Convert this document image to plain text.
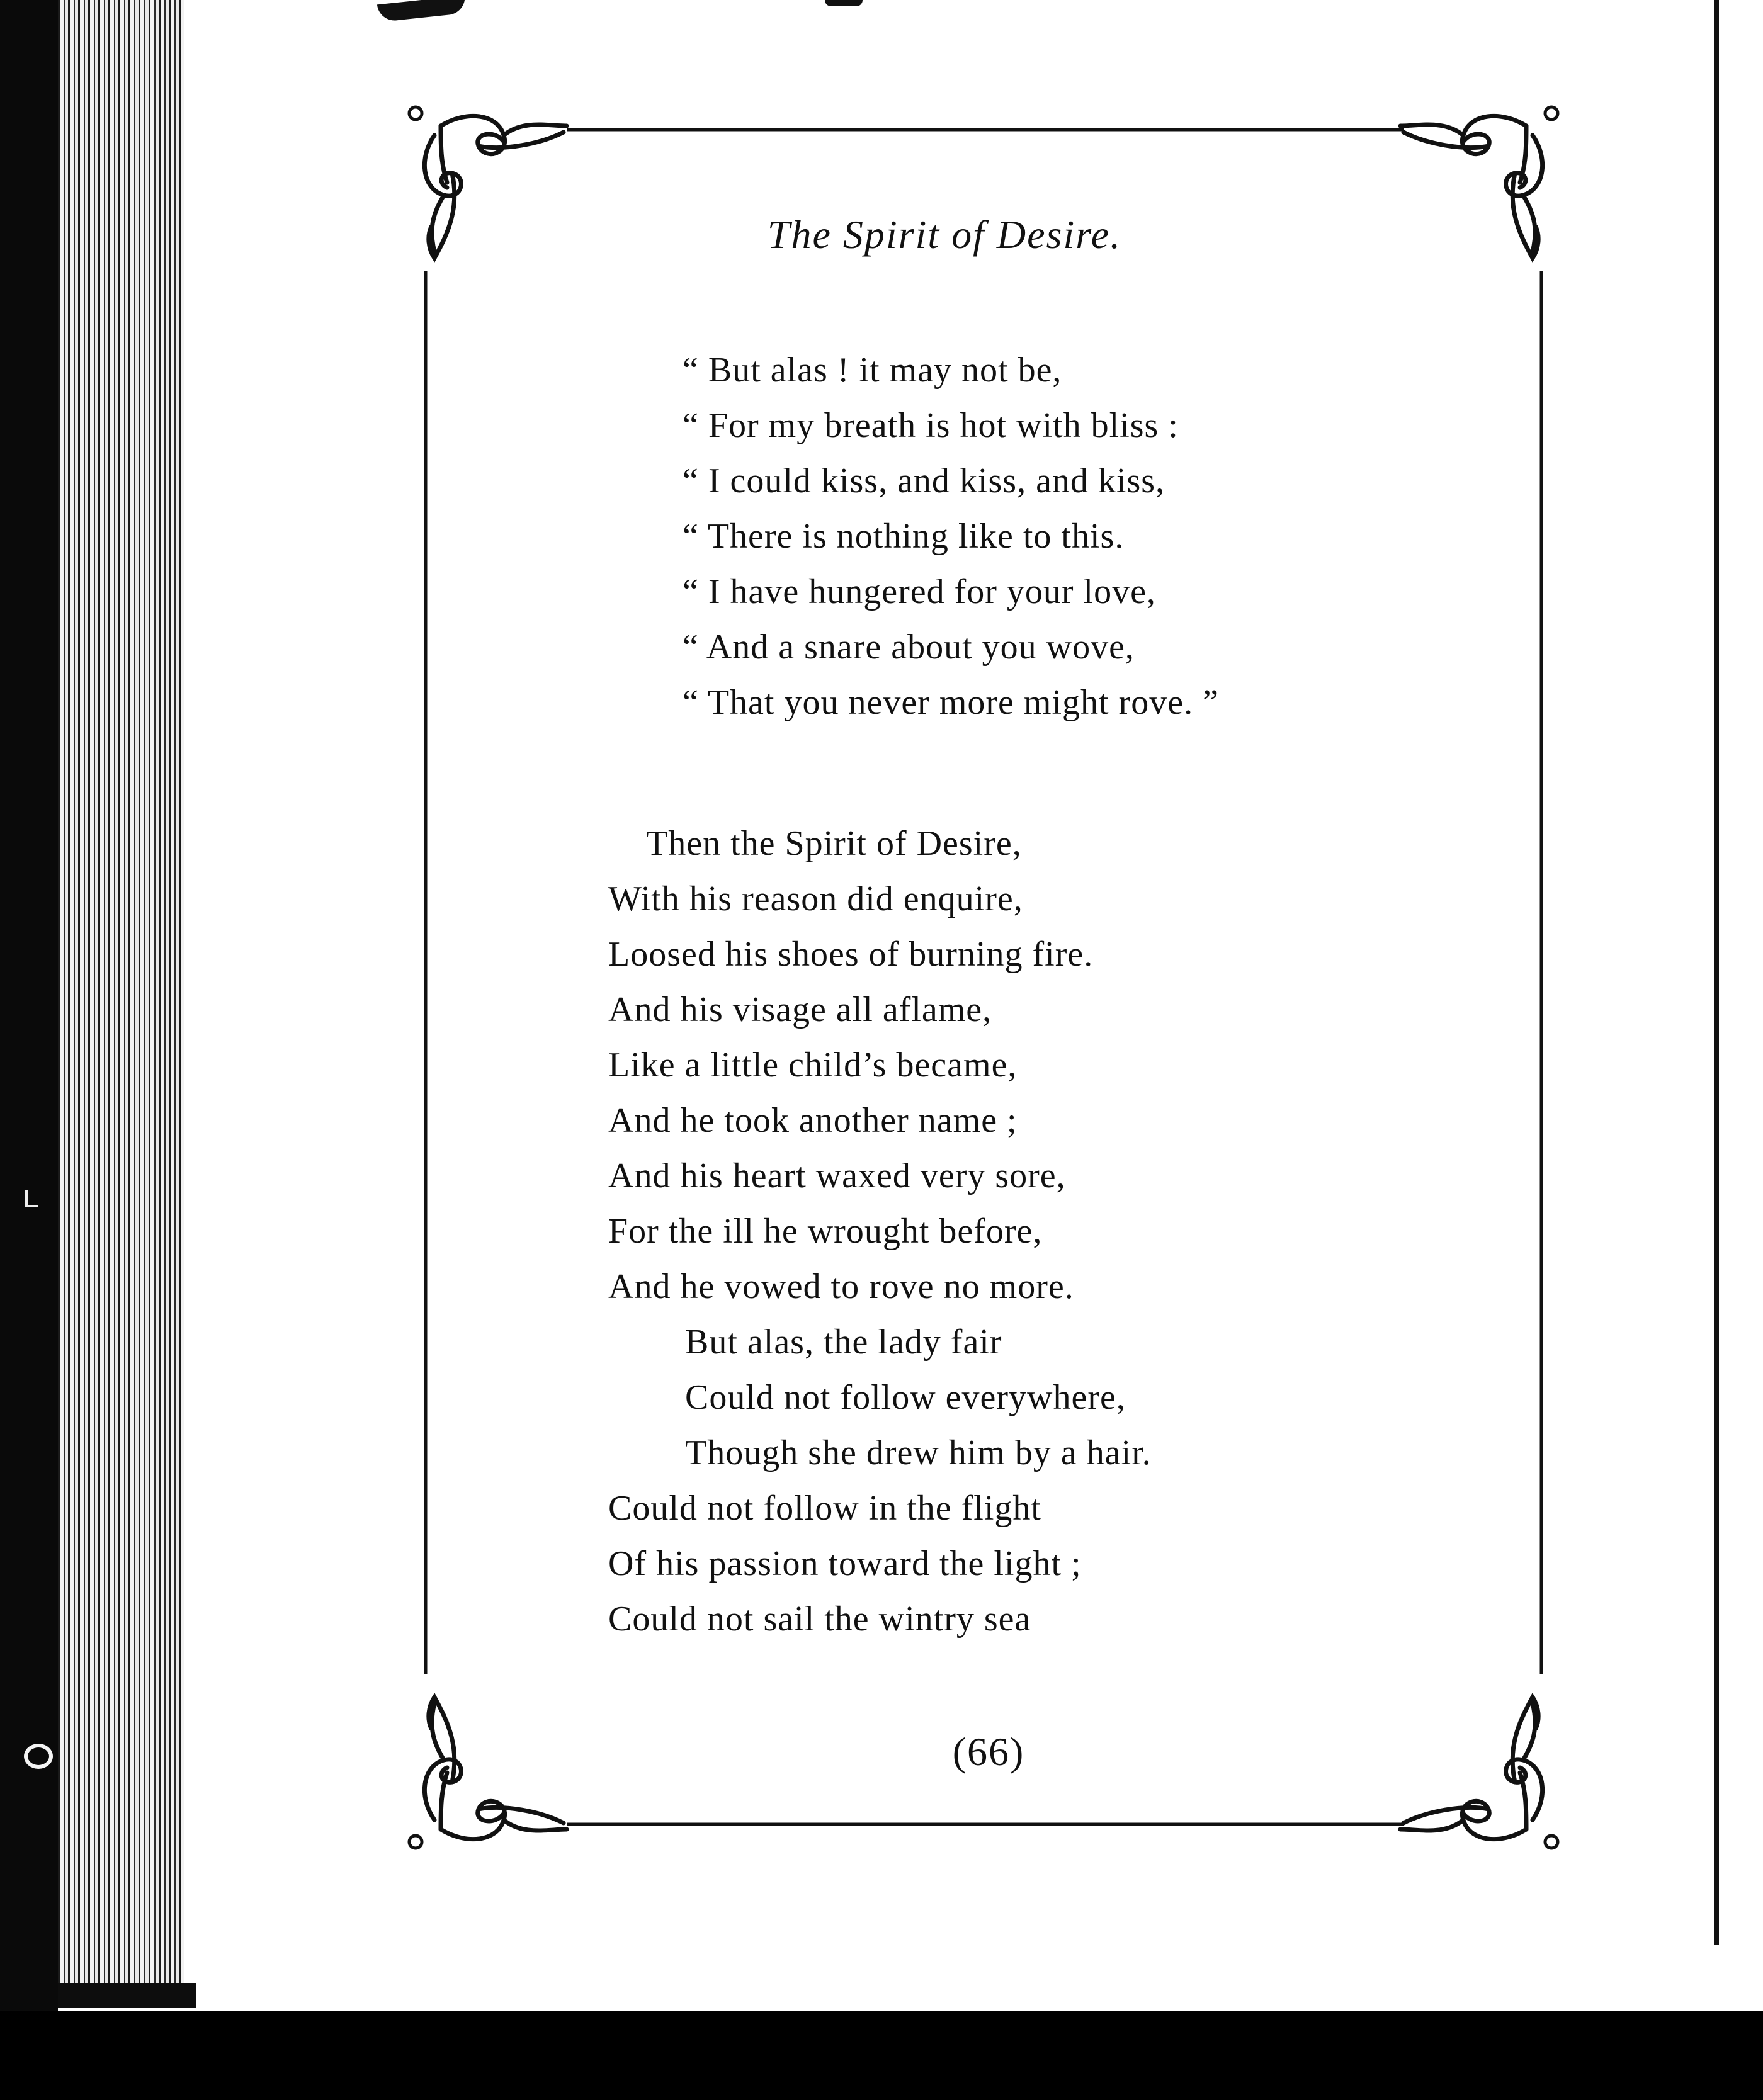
The Spirit of Desire.
“ But alas ! it may not be,
“ For my breath is hot with bliss :
“ I could kiss, and kiss, and kiss,
“ There is nothing like to this.
“ I have hungered for your love,
“ And a snare about you wove,
“ That you never more might rove. ”
Then the Spirit of Desire,
With his reason did enquire,
Loosed his shoes of burning fire.
And his visage all aflame,
Like a little child’s became,
And he took another name ;
And his heart waxed very sore,
For the ill he wrought before,
And he vowed to rove no more.
But alas, the lady fair
Could not follow everywhere,
Though she drew him by a hair.
Could not follow in the flight
Of his passion toward the light ;
Could not sail the wintry sea
(66)
